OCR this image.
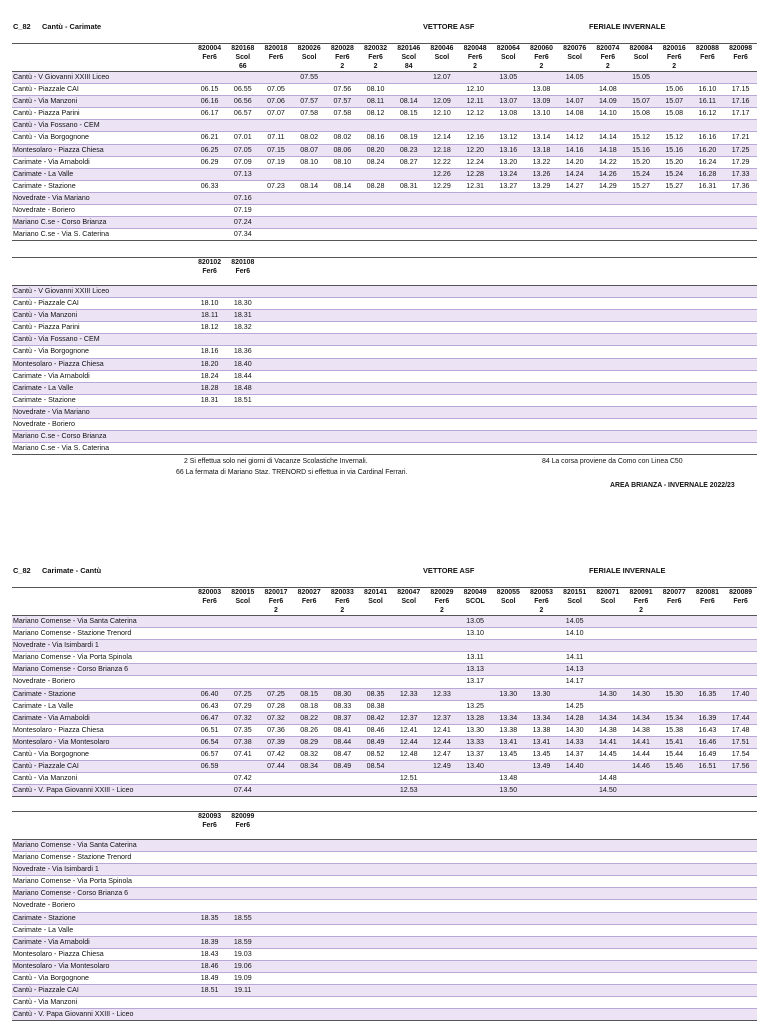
C_82 Cantù - Carimate	VETTORE ASF	FERIALE INVERNALE
	820004	820168	820018	820026	820028	820032	820146	820046	820048	820064	820060	820076	820074	820084	820016	820088	820098
	Fer6	Scol	Fer6	Scol	Fer6	Fer6	Scol	Scol	Fer6	Scol	Fer6	Scol	Fer6	Scol	Fer6	Fer6	Fer6
		66			2	2	84		2		2		2		2		
Cantù - V Giovanni XXIII Liceo				07.55				12.07		13.05		14.05		15.05			
Cantù - Piazzale CAI	06.15	06.55	07.05		07.56	08.10			12.10		13.08		14.08		15.06	16.10	17.15
Cantù - Via Manzoni	06.16	06.56	07.06	07.57	07.57	08.11	08.14	12.09	12.11	13.07	13.09	14.07	14.09	15.07	15.07	16.11	17.16
Cantù - Piazza Parini	06.17	06.57	07.07	07.58	07.58	08.12	08.15	12.10	12.12	13.08	13.10	14.08	14.10	15.08	15.08	16.12	17.17
Cantù - Via Fossano - CEM																	
Cantù - Via Borgognone	06.21	07.01	07.11	08.02	08.02	08.16	08.19	12.14	12.16	13.12	13.14	14.12	14.14	15.12	15.12	16.16	17.21
Montesolaro - Piazza Chiesa	06.25	07.05	07.15	08.07	08.06	08.20	08.23	12.18	12.20	13.16	13.18	14.16	14.18	15.16	15.16	16.20	17.25
Carimate - Via Arnaboldi	06.29	07.09	07.19	08.10	08.10	08.24	08.27	12.22	12.24	13.20	13.22	14.20	14.22	15.20	15.20	16.24	17.29
Carimate - La Valle		07.13						12.26	12.28	13.24	13.26	14.24	14.26	15.24	15.24	16.28	17.33
Carimate - Stazione	06.33		07.23	08.14	08.14	08.28	08.31	12.29	12.31	13.27	13.29	14.27	14.29	15.27	15.27	16.31	17.36
Novedrate - Via Mariano		07.16															
Novedrate - Boriero		07.19															
Mariano C.se - Corso Brianza		07.24															
Mariano C.se - Via S. Caterina		07.34															
	820102	820108															
	Fer6	Fer6															

Cantù - V Giovanni XXIII Liceo																	
Cantù - Piazzale CAI	18.10	18.30															
Cantù - Via Manzoni	18.11	18.31															
Cantù - Piazza Parini	18.12	18.32															
Cantù - Via Fossano - CEM																	
Cantù - Via Borgognone	18.16	18.36															
Montesolaro - Piazza Chiesa	18.20	18.40															
Carimate - Via Arnaboldi	18.24	18.44															
Carimate - La Valle	18.28	18.48															
Carimate - Stazione	18.31	18.51															
Novedrate - Via Mariano																	
Novedrate - Boriero																	
Mariano C.se - Corso Brianza																	
Mariano C.se - Via S. Caterina																	
2 Si effettua solo nei giorni di Vacanze Scolastiche Invernali.
66 La fermata di Mariano Staz. TRENORD si effettua in via Cardinal Ferrari.
84 La corsa proviene da Como con Linea C50
AREA BRIANZA - INVERNALE 2022/23
C_82 Carimate - Cantù	VETTORE ASF	FERIALE INVERNALE
	820003	820015	820017	820027	820033	820141	820047	820029	820049	820055	820053	820151	820071	820091	820077	820081	820089
	Fer6	Scol	Fer6	Fer6	Fer6	Scol	Scol	Fer6	SCOL	Scol	Fer6	Scol	Scol	Fer6	Fer6	Fer6	Fer6
			2		2			2			2			2			
Mariano Comense - Via Santa Caterina									13.05			14.05					
Mariano Comense - Stazione Trenord									13.10			14.10					
Novedrate - Via Isimbardi 1																	
Mariano Comense - Via Porta Spinola									13.11			14.11					
Mariano Comense - Corso Brianza 6									13.13			14.13					
Novedrate - Boriero									13.17			14.17					
Carimate - Stazione	06.40	07.25	07.25	08.15	08.30	08.35	12.33	12.33		13.30	13.30		14.30	14.30	15.30	16.35	17.40
Carimate - La Valle	06.43	07.29	07.28	08.18	08.33	08.38			13.25			14.25					
Carimate - Via Arnaboldi	06.47	07.32	07.32	08.22	08.37	08.42	12.37	12.37	13.28	13.34	13.34	14.28	14.34	14.34	15.34	16.39	17.44
Montesolaro - Piazza Chiesa	06.51	07.35	07.36	08.26	08.41	08.46	12.41	12.41	13.30	13.38	13.38	14.30	14.38	14.38	15.38	16.43	17.48
Montesolaro - Via Montesolaro	06.54	07.38	07.39	08.29	08.44	08.49	12.44	12.44	13.33	13.41	13.41	14.33	14.41	14.41	15.41	16.46	17.51
Cantù - Via Borgognone	06.57	07.41	07.42	08.32	08.47	08.52	12.48	12.47	13.37	13.45	13.45	14.37	14.45	14.44	15.44	16.49	17.54
Cantù - Piazzale CAI	06.59		07.44	08.34	08.49	08.54		12.49	13.40		13.49	14.40		14.46	15.46	16.51	17.56
Cantù - Via Manzoni		07.42					12.51			13.48			14.48				
Cantù - V. Papa Giovanni XXIII - Liceo		07.44					12.53			13.50			14.50				
	820093	820099															
	Fer6	Fer6															

Mariano Comense - Via Santa Caterina																	
Mariano Comense - Stazione Trenord																	
Novedrate - Via Isimbardi 1																	
Mariano Comense - Via Porta Spinola																	
Mariano Comense - Corso Brianza 6																	
Novedrate - Boriero																	
Carimate - Stazione	18.35	18.55															
Carimate - La Valle																	
Carimate - Via Arnaboldi	18.39	18.59															
Montesolaro - Piazza Chiesa	18.43	19.03															
Montesolaro - Via Montesolaro	18.46	19.06															
Cantù - Via Borgognone	18.49	19.09															
Cantù - Piazzale CAI	18.51	19.11															
Cantù - Via Manzoni																	
Cantù - V. Papa Giovanni XXIII - Liceo																	
